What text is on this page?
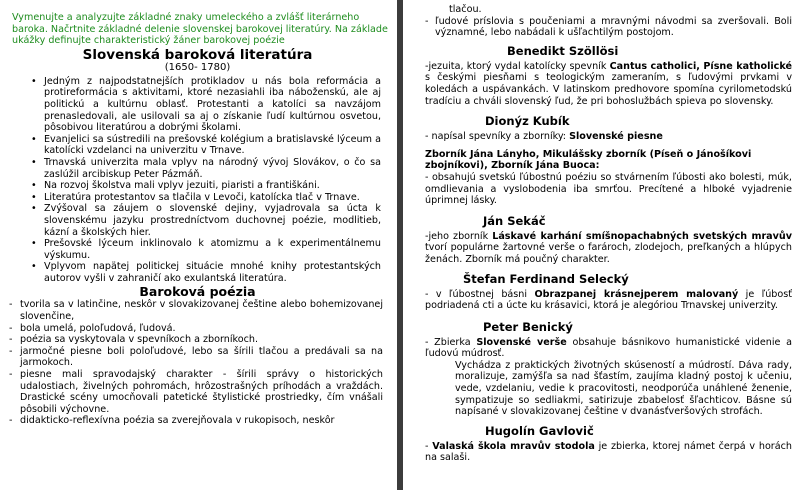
Vymenujte a analyzujte základné znaky umeleckého a zvlášť literárneho baroka. Načrtnite základné delenie slovenskej barokovej literatúry. Na základe ukážky definujte charakteristický žáner barokovej poézie
Slovenská baroková literatúra
(1650- 1780)
• Jedným z najpodstatnejších protikladov u nás bola reformácia a protireformácia s aktivitami, ktoré nezasiahli iba náboženskú, ale aj politickú a kultúrnu oblasť. Protestanti a katolíci sa navzájom prenasledovali, ale usilovali sa aj o získanie ľudí kultúrnou osvetou, pôsobivou literatúrou a dobrými školami.
• Evanjelici sa sústredili na prešovské kolégium a bratislavské lýceum a katolícki vzdelanci na univerzitu v Trnave.
• Trnavská univerzita mala vplyv na národný vývoj Slovákov, o čo sa zaslúžil arcibiskup Peter Pázmáň.
• Na rozvoj školstva mali vplyv jezuiti, piaristi a františkáni.
• Literatúra protestantov sa tlačila v Levoči, katolícka tlač v Trnave.
• Zvýšoval sa záujem o slovenské dejiny, vyjadrovala sa úcta k slovenskému jazyku prostredníctvom duchovnej poézie, modlitieb, kázní a školských hier.
• Prešovské lýceum inklinovalo k atomizmu a k experimentálnemu výskumu.
• Vplyvom napätej politickej situácie mnohé knihy protestantských autorov vyšli v zahraničí ako exulantská literatúra.
Baroková poézia
- tvorila sa v latinčine, neskôr v slovakizovanej češtine alebo bohemizovanej slovenčine,
- bola umelá, poloľudová, ľudová.
- poézia sa vyskytovala v spevníkoch a zborníkoch.
- jarmočné piesne boli poloľudové, lebo sa šírili tlačou a predávali sa na jarmokoch.
- piesne mali spravodajský charakter - šírili správy o historických udalostiach, živelných pohromách, hrôzostrašných príhodách a vraždách. Drastické scény umocňovali patetické štylistické prostriedky, čím vnášali pôsobili výchovne.
- didakticko-reflexívna poézia sa zverejňovala v rukopisoch, neskôr
tlačou.
- ľudové príslovia s poučeniami a mravnými návodmi sa zveršovali. Boli významné, lebo nabádali k ušľachtilým postojom.
Benedikt Szöllösi
-jezuita, ktorý vydal katolícky spevník Cantus catholici, Písne katholické s českými piesňami s teologickým zameraním, s ľudovými prvkami v koledách a uspávankách. V latinskom predhovore spomína cyrilometodskú tradíciu a chváli slovenský ľud, že pri bohoslužbách spieva po slovensky.
Dionýz Kubík
- napísal spevníky a zborníky: Slovenské piesne
Zborník Jána Lányho, Mikulášsky zborník (Píseň o Jánošíkovi zbojníkovi), Zborník Jána Buoca:
- obsahujú svetskú ľúbostnú poéziu so stvárnením ľúbosti ako bolesti, múk, omdlievania a vyslobodenia iba smrťou. Precítené a hlboké vyjadrenie úprimnej lásky.
Ján Sekáč
-jeho zborník Láskavé karhání smíšnopachabných svetských mravův tvorí populárne žartovné verše o farároch, zlodejoch, preľkaných a hlúpych ženách. Zborník má poučný charakter.
Štefan Ferdinand Selecký
- v ľúbostnej básni Obrazpanej krásnejperem malovaný je ľúbosť podriadená cti a úcte ku krásavici, ktorá je alegóriou Trnavskej univerzity.
Peter Benický
- Zbierka Slovenské verše obsahuje básnikovo humanistické videnie a ľudovú múdrosť.
Vychádza z praktických životných skúseností a múdrostí. Dáva rady, moralizuje, zamýšľa sa nad šťastím, zaujíma kladný postoj k učeniu, vede, vzdelaniu, vedie k pracovitosti, neodporúča unáhlené ženenie, sympatizuje so sedliakmi, satirizuje zbabelosť šľachticov. Básne sú napísané v slovakizovanej češtine v dvanásťveršových strofách.
Hugolín Gavlovič
- Valaská škola mravův stodola je zbierka, ktorej námet čerpá v horách na salaši.
